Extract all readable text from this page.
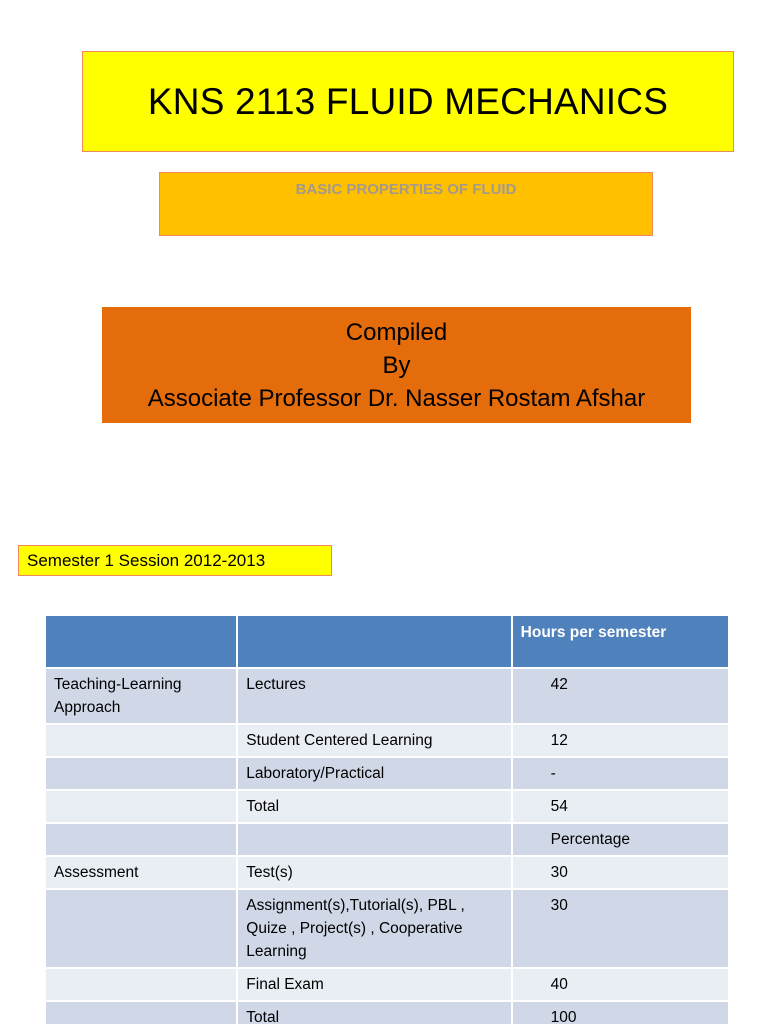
KNS 2113 FLUID MECHANICS
BASIC PROPERTIES OF FLUID
Compiled
By
Associate Professor Dr. Nasser Rostam Afshar
Semester 1 Session 2012-2013
		Hours per semester
Teaching-Learning Approach	Lectures	42
	Student Centered Learning	12
	Laboratory/Practical	-
	Total	54
		Percentage
Assessment	Test(s)	30
	Assignment(s),Tutorial(s), PBL , Quize , Project(s) , Cooperative Learning	30
	Final Exam	40
	Total	100
